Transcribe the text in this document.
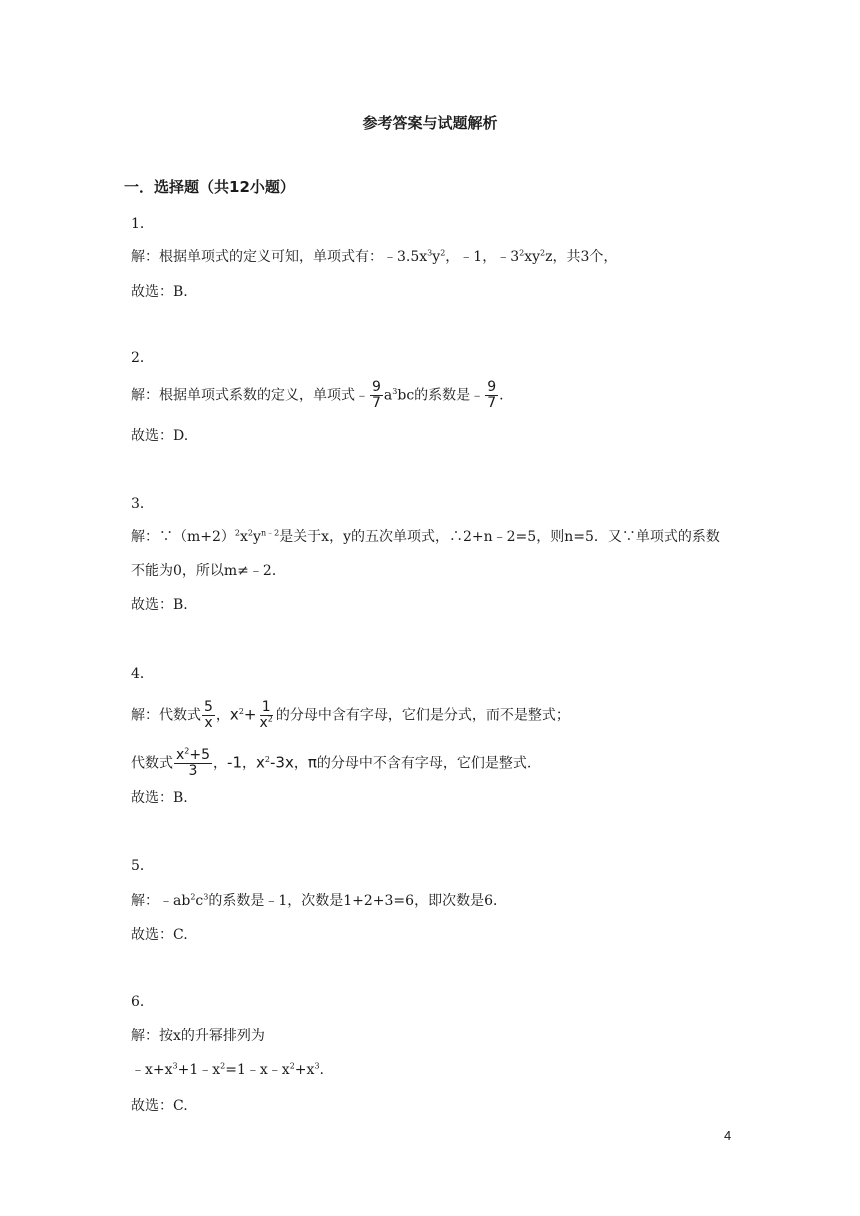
参考答案与试题解析
一．选择题（共12小题）
1．
解：根据单项式的定义可知，单项式有：$﹣3.5x^3y^2$，﹣1，$﹣3^2xy^2z$，共3个，
故选：B.
2．
解：根据单项式系数的定义，单项式﹣ $\frac{9}{7} a^3bc$的系数是﹣ $\frac{9}{7}$ .
故选：D.
3．
解：$\because(m+2)^2x^2y^{n﹣2}$是关于x，y的五次单项式，∴2+n﹣2=5，则n=5．又∵单项式的系数
不能为0，所以m≠﹣2．
故选：B.
4．
解：代数式 $\frac{5}{x}$ ，$x^2+ \frac{1}{x^2}$ 的分母中含有字母，它们是分式，而不是整式；
代数式 $\frac{x^2+5}{3}$ ，-1，$x^2-3x$，π的分母中不含有字母，它们是整式.
故选：B.
5．
解：$﹣ab^2c^3$的系数是﹣1，次数是1+2+3=6，即次数是6．
故选：C.
6．
解：按x的升幂排列为
$﹣x+x^3+1﹣x^2=1﹣x﹣x^2+x^3$.
故选：C.
4
